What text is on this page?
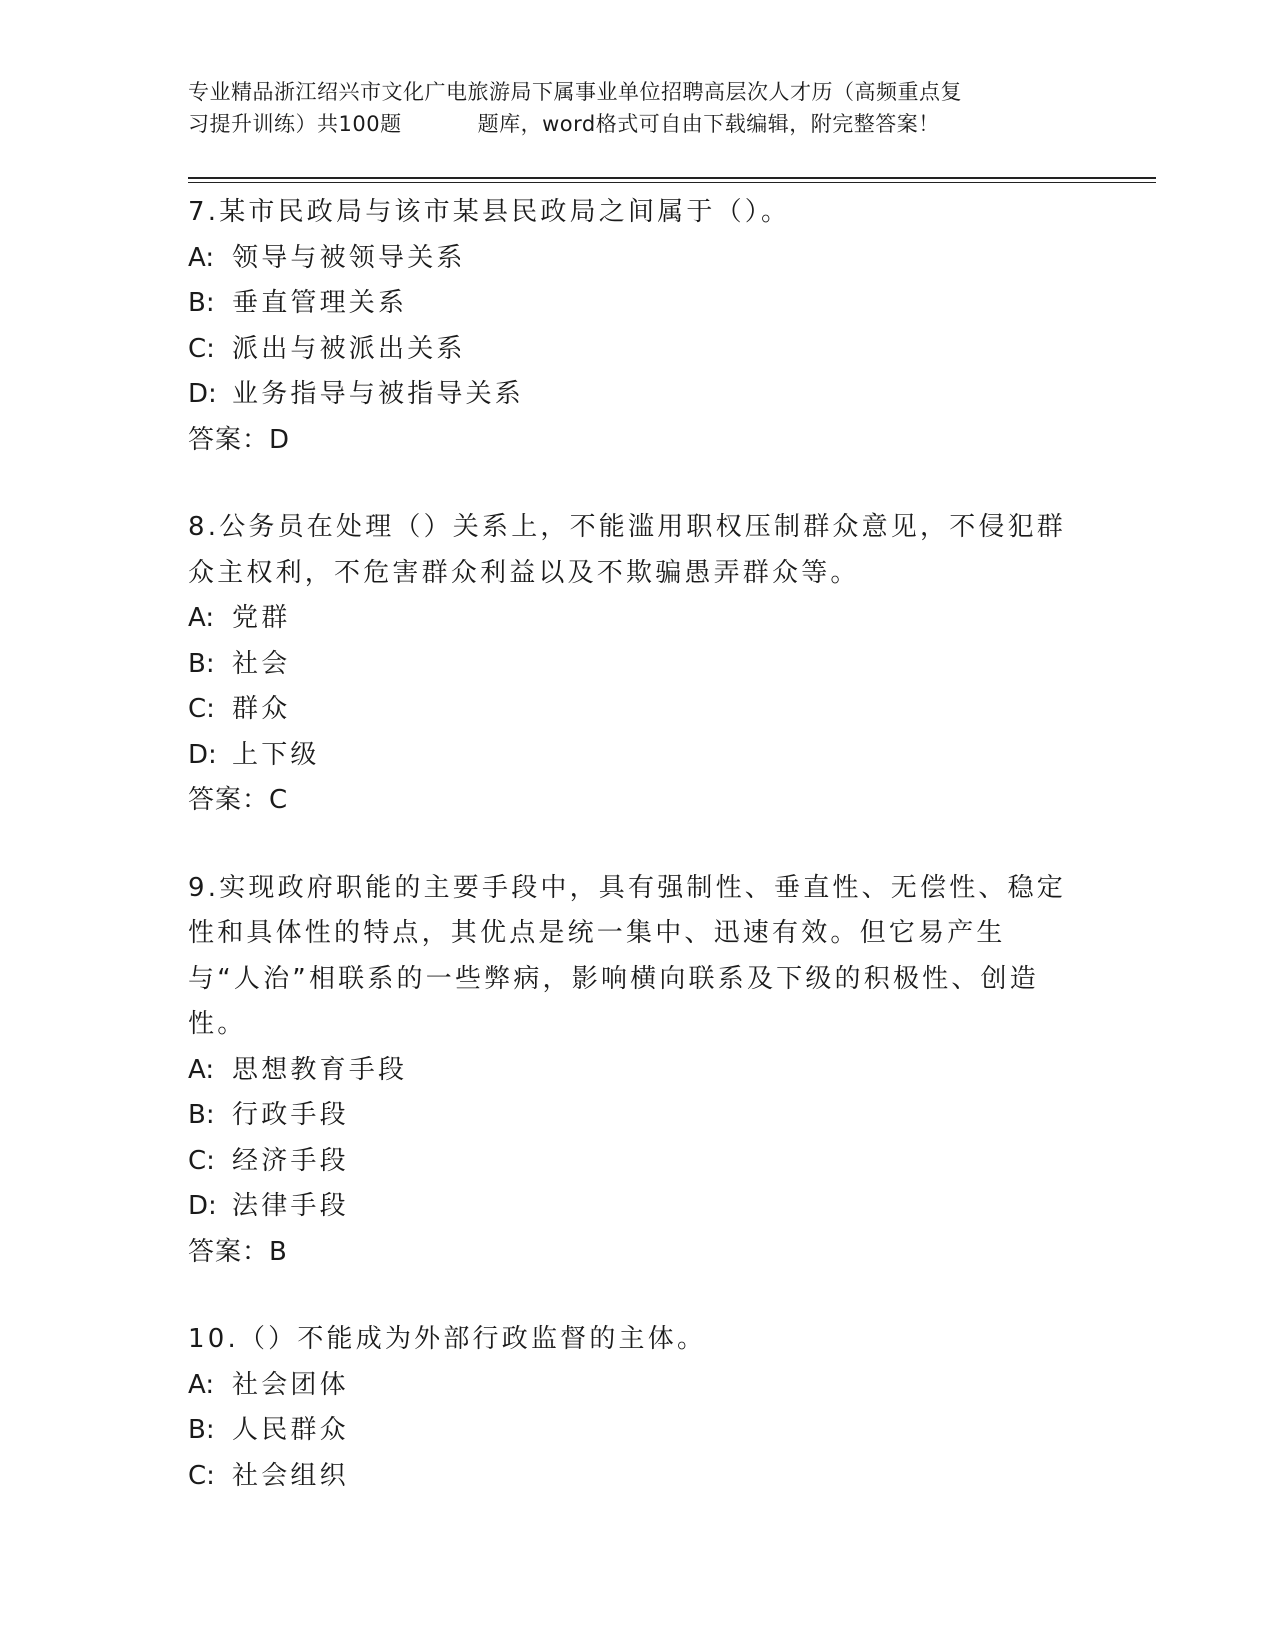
专业精品浙江绍兴市文化广电旅游局下属事业单位招聘高层次人才历（高频重点复
习提升训练）共100题	题库，word格式可自由下载编辑，附完整答案！
7.某市民政局与该市某县民政局之间属于（）。
A: 领导与被领导关系
B: 垂直管理关系
C: 派出与被派出关系
D: 业务指导与被指导关系
答案：D
8.公务员在处理（）关系上，不能滥用职权压制群众意见，不侵犯群众主权利，不危害群众利益以及不欺骗愚弄群众等。
A: 党群
B: 社会
C: 群众
D: 上下级
答案：C
9.实现政府职能的主要手段中，具有强制性、垂直性、无偿性、稳定性和具体性的特点，其优点是统一集中、迅速有效。但它易产生与“人治”相联系的一些弊病，影响横向联系及下级的积极性、创造性。
A: 思想教育手段
B: 行政手段
C: 经济手段
D: 法律手段
答案：B
10.（）不能成为外部行政监督的主体。
A: 社会团体
B: 人民群众
C: 社会组织
